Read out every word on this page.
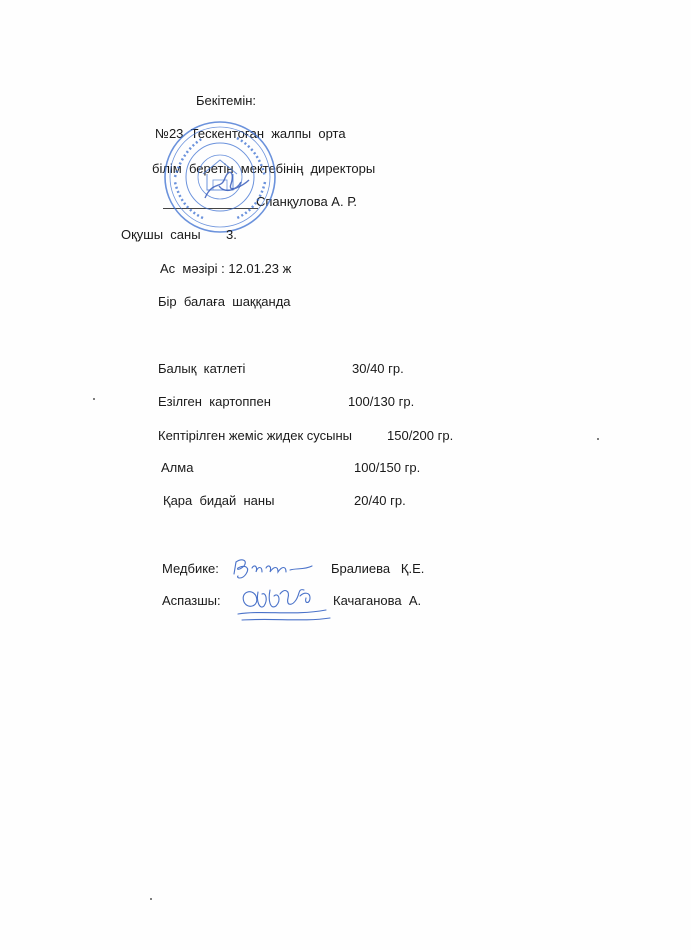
Бекітемін:
№23  Тескентоған  жалпы  орта
білім  беретін  мектебінің  директоры
Спанқулова А. Р.
Оқушы  саны 3.
Ас  мәзірі : 12.01.23 ж
Бір  балаға  шаққанда
Балық  катлеті	30/40 гр.
Езілген  картоппен	100/130 гр.
Кептірілген жеміс жидек сусыны	150/200 гр.
Алма	100/150 гр.
Қара  бидай  наны	20/40 гр.
Медбике:	Бралиева   Қ.Е.
Аспазшы:	Качаганова  А.
